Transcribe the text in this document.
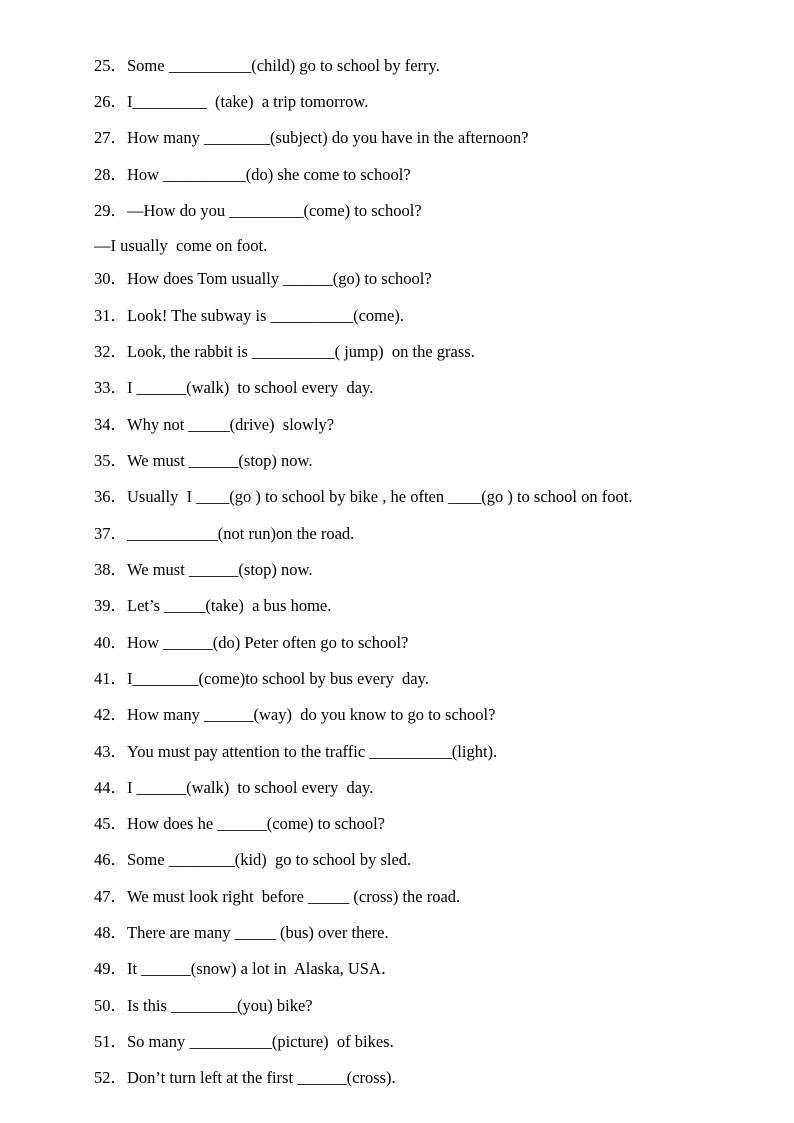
25．Some __________(child) go to school by ferry.
26．I_________  (take)  a trip tomorrow.
27．How many ________(subject) do you have in the afternoon?
28．How __________(do) she come to school?
29．—How do you _________(come) to school?
—I usually  come on foot.
30．How does Tom usually ______(go) to school?
31．Look! The subway is __________(come).
32．Look, the rabbit is __________( jump)  on the grass.
33．I ______(walk)  to school every  day.
34．Why not _____(drive)  slowly?
35．We must ______(stop) now.
36．Usually  I ____(go ) to school by bike , he often ____(go ) to school on foot.
37．___________(not run)on the road.
38．We must ______(stop) now.
39．Let’s _____(take)  a bus home.
40．How ______(do) Peter often go to school?
41．I________(come)to school by bus every  day.
42．How many ______(way)  do you know to go to school?
43．You must pay attention to the traffic __________(light).
44．I ______(walk)  to school every  day.
45．How does he ______(come) to school?
46．Some ________(kid)  go to school by sled.
47．We must look right  before _____ (cross) the road.
48．There are many _____ (bus) over there.
49．It ______(snow) a lot in  Alaska, USA．
50．Is this ________(you) bike?
51．So many __________(picture)  of bikes.
52．Don’t turn left at the first ______(cross).
